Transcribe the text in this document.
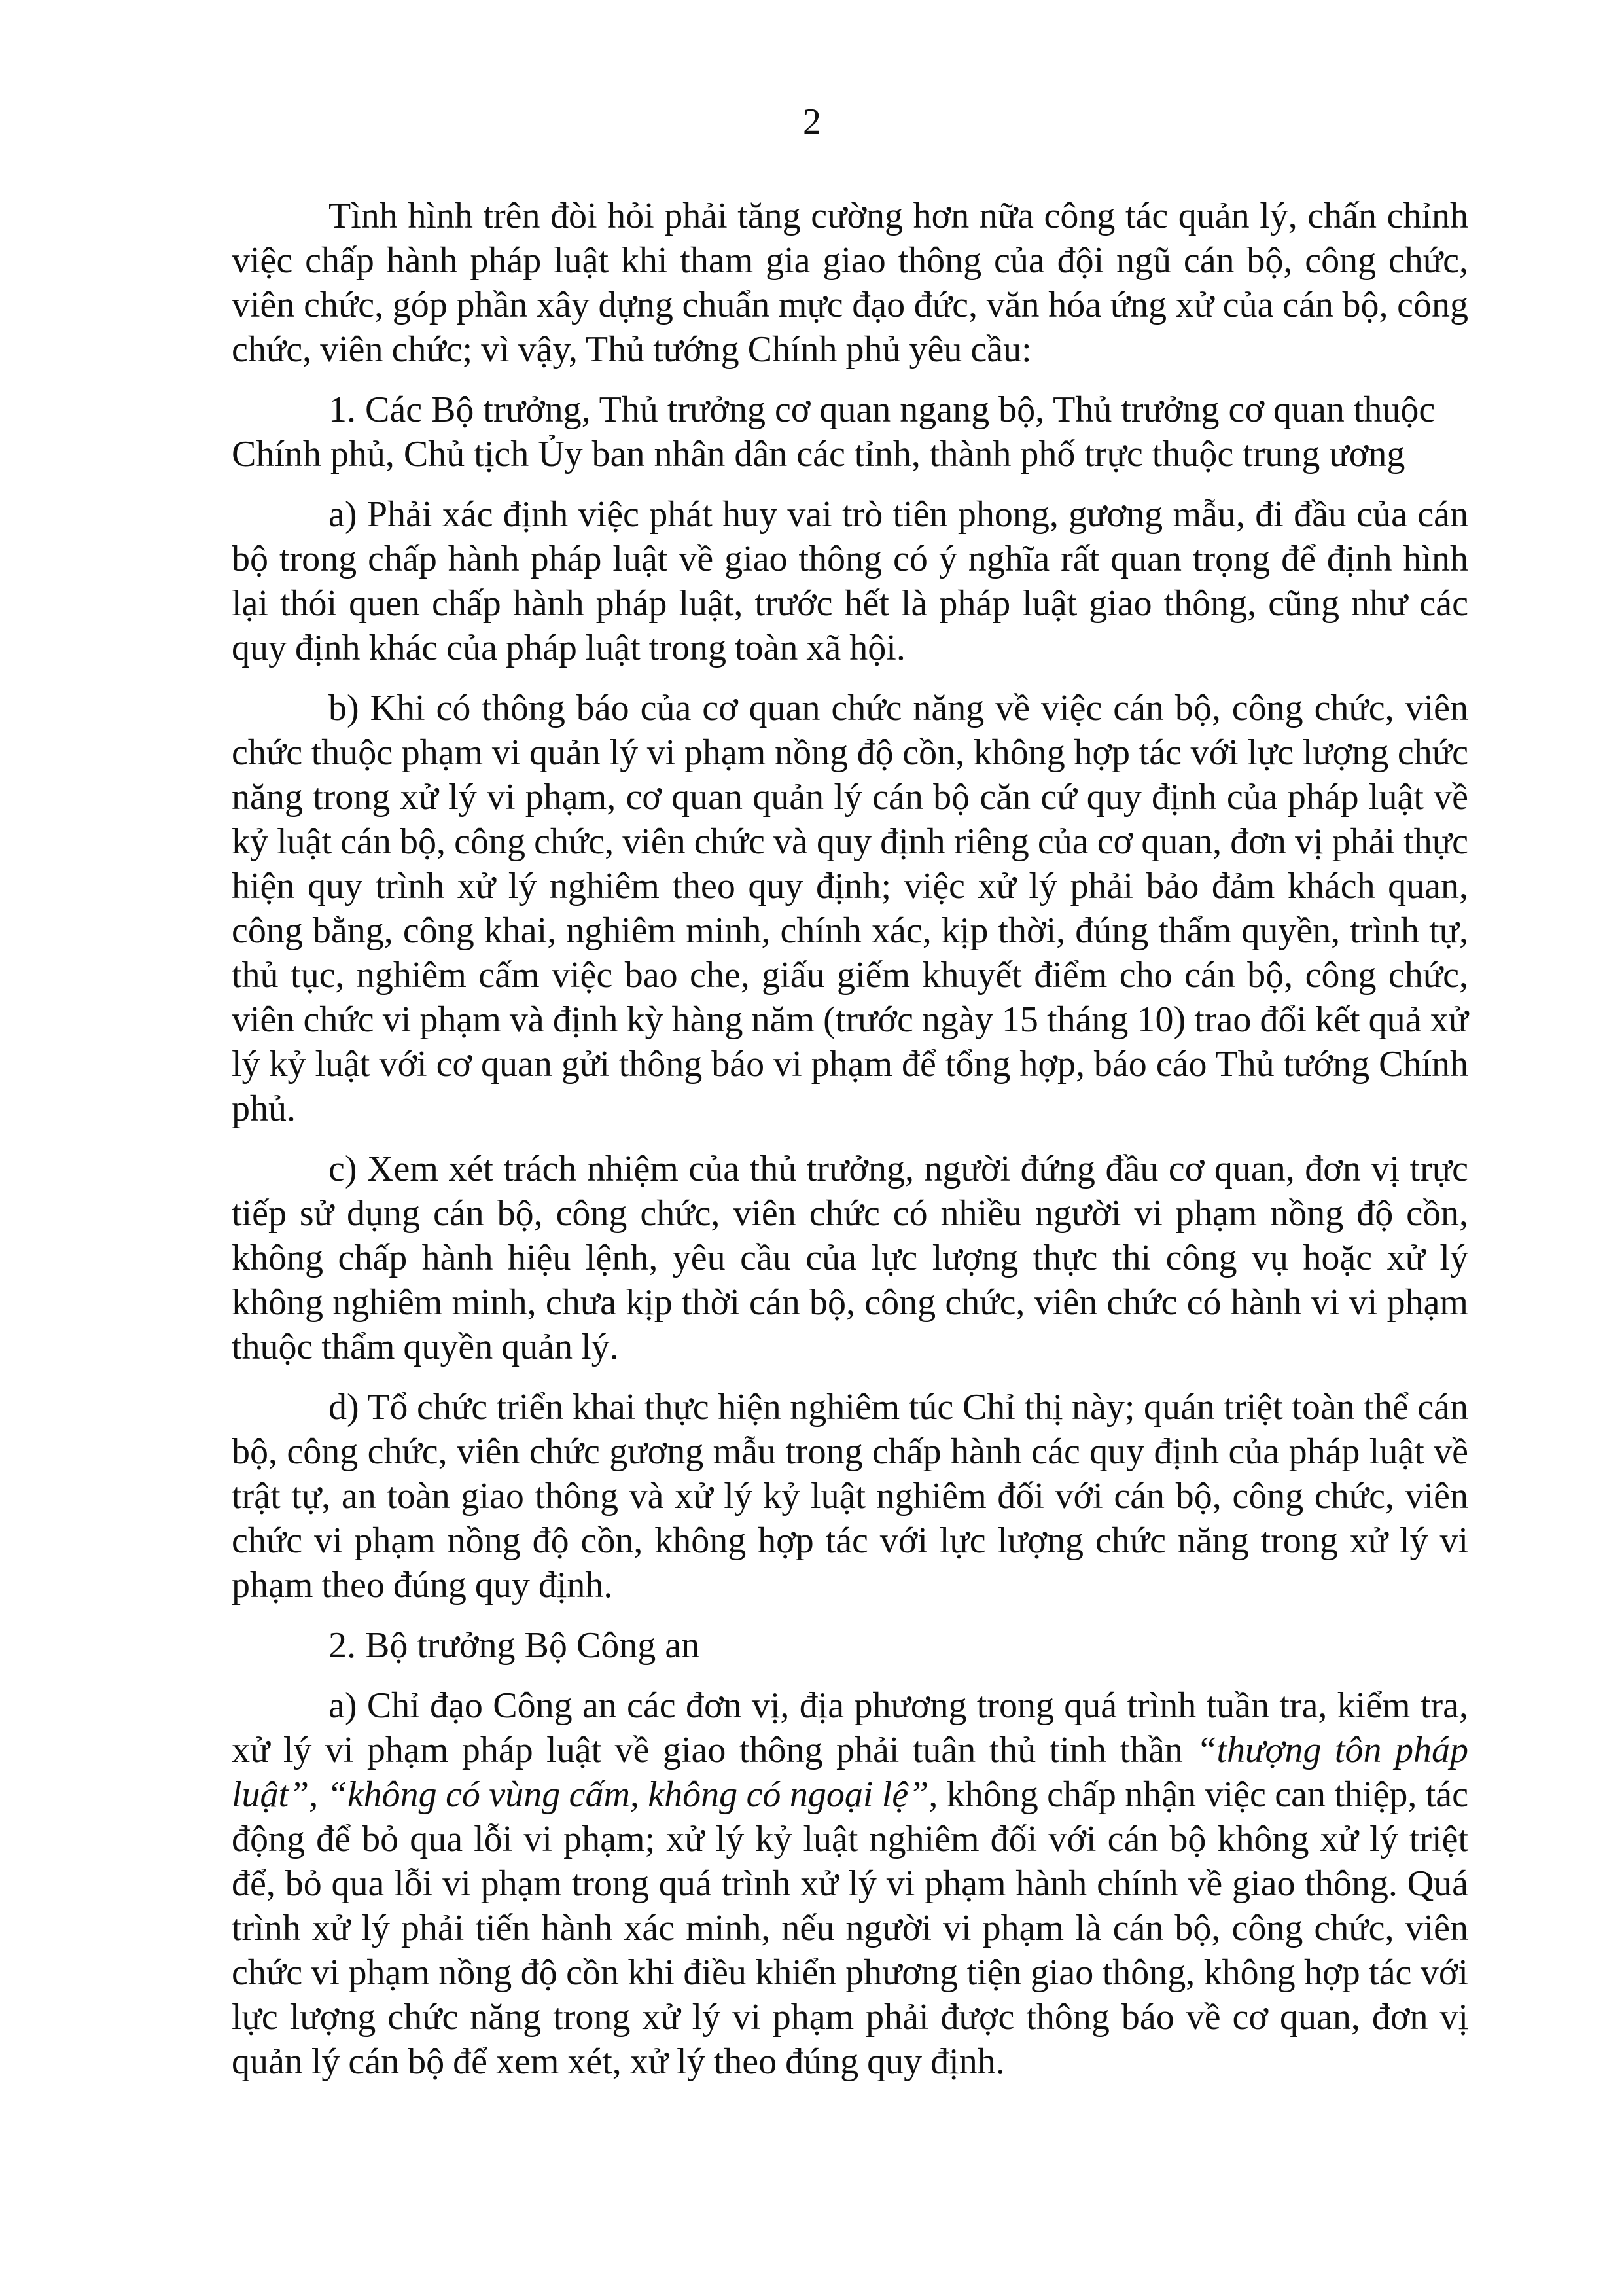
2

Tình hình trên đòi hỏi phải tăng cường hơn nữa công tác quản lý, chấn chỉnh việc chấp hành pháp luật khi tham gia giao thông của đội ngũ cán bộ, công chức, viên chức, góp phần xây dựng chuẩn mực đạo đức, văn hóa ứng xử của cán bộ, công chức, viên chức; vì vậy, Thủ tướng Chính phủ yêu cầu:

1. Các Bộ trưởng, Thủ trưởng cơ quan ngang bộ, Thủ trưởng cơ quan thuộc Chính phủ, Chủ tịch Ủy ban nhân dân các tỉnh, thành phố trực thuộc trung ương

a) Phải xác định việc phát huy vai trò tiên phong, gương mẫu, đi đầu của cán bộ trong chấp hành pháp luật về giao thông có ý nghĩa rất quan trọng để định hình lại thói quen chấp hành pháp luật, trước hết là pháp luật giao thông, cũng như các quy định khác của pháp luật trong toàn xã hội.

b) Khi có thông báo của cơ quan chức năng về việc cán bộ, công chức, viên chức thuộc phạm vi quản lý vi phạm nồng độ cồn, không hợp tác với lực lượng chức năng trong xử lý vi phạm, cơ quan quản lý cán bộ căn cứ quy định của pháp luật về kỷ luật cán bộ, công chức, viên chức và quy định riêng của cơ quan, đơn vị phải thực hiện quy trình xử lý nghiêm theo quy định; việc xử lý phải bảo đảm khách quan, công bằng, công khai, nghiêm minh, chính xác, kịp thời, đúng thẩm quyền, trình tự, thủ tục, nghiêm cấm việc bao che, giấu giếm khuyết điểm cho cán bộ, công chức, viên chức vi phạm và định kỳ hàng năm (trước ngày 15 tháng 10) trao đổi kết quả xử lý kỷ luật với cơ quan gửi thông báo vi phạm để tổng hợp, báo cáo Thủ tướng Chính phủ.

c) Xem xét trách nhiệm của thủ trưởng, người đứng đầu cơ quan, đơn vị trực tiếp sử dụng cán bộ, công chức, viên chức có nhiều người vi phạm nồng độ cồn, không chấp hành hiệu lệnh, yêu cầu của lực lượng thực thi công vụ hoặc xử lý không nghiêm minh, chưa kịp thời cán bộ, công chức, viên chức có hành vi vi phạm thuộc thẩm quyền quản lý.

d) Tổ chức triển khai thực hiện nghiêm túc Chỉ thị này; quán triệt toàn thể cán bộ, công chức, viên chức gương mẫu trong chấp hành các quy định của pháp luật về trật tự, an toàn giao thông và xử lý kỷ luật nghiêm đối với cán bộ, công chức, viên chức vi phạm nồng độ cồn, không hợp tác với lực lượng chức năng trong xử lý vi phạm theo đúng quy định.

2. Bộ trưởng Bộ Công an

a) Chỉ đạo Công an các đơn vị, địa phương trong quá trình tuần tra, kiểm tra, xử lý vi phạm pháp luật về giao thông phải tuân thủ tinh thần “thượng tôn pháp luật”, “không có vùng cấm, không có ngoại lệ”, không chấp nhận việc can thiệp, tác động để bỏ qua lỗi vi phạm; xử lý kỷ luật nghiêm đối với cán bộ không xử lý triệt để, bỏ qua lỗi vi phạm trong quá trình xử lý vi phạm hành chính về giao thông. Quá trình xử lý phải tiến hành xác minh, nếu người vi phạm là cán bộ, công chức, viên chức vi phạm nồng độ cồn khi điều khiển phương tiện giao thông, không hợp tác với lực lượng chức năng trong xử lý vi phạm phải được thông báo về cơ quan, đơn vị quản lý cán bộ để xem xét, xử lý theo đúng quy định.
